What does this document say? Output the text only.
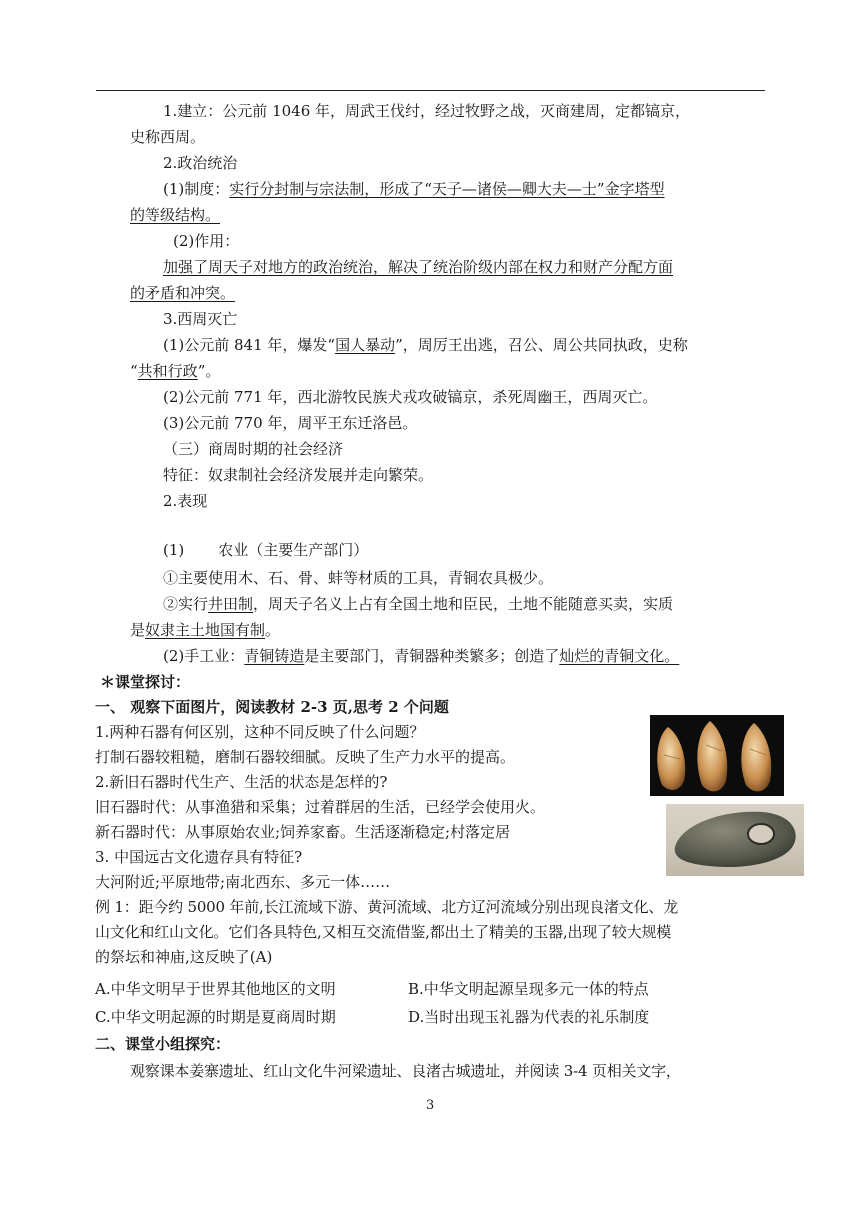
1.建立：公元前 1046 年，周武王伐纣，经过牧野之战，灭商建周，定都镐京，
史称西周。
2.政治统治
(1)制度：实行分封制与宗法制，形成了“天子—诸侯—卿大夫—士”金字塔型
的等级结构。
(2)作用：
加强了周天子对地方的政治统治，解决了统治阶级内部在权力和财产分配方面
的矛盾和冲突。
3.西周灭亡
(1)公元前 841 年，爆发“国人暴动”，周厉王出逃，召公、周公共同执政，史称
“共和行政”。
(2)公元前 771 年，西北游牧民族犬戎攻破镐京，杀死周幽王，西周灭亡。
(3)公元前 770 年，周平王东迁洛邑。
（三）商周时期的社会经济
特征：奴隶制社会经济发展并走向繁荣。
2.表现
(1) 农业（主要生产部门）
①主要使用木、石、骨、蚌等材质的工具，青铜农具极少。
②实行井田制，周天子名义上占有全国土地和臣民，土地不能随意买卖，实质
是奴隶主土地国有制。
(2)手工业：青铜铸造是主要部门，青铜器种类繁多；创造了灿烂的青铜文化。
＊课堂探讨：
一、 观察下面图片，阅读教材 2-3 页,思考 2 个问题
1.两种石器有何区别，这种不同反映了什么问题？
打制石器较粗糙，磨制石器较细腻。反映了生产力水平的提高。
2.新旧石器时代生产、生活的状态是怎样的?
旧石器时代：从事渔猎和采集；过着群居的生活，已经学会使用火。
新石器时代：从事原始农业;饲养家畜。生活逐渐稳定;村落定居
3. 中国远古文化遗存具有特征?
大河附近;平原地带;南北西东、多元一体……
例 1：距今约 5000 年前,长江流域下游、黄河流域、北方辽河流域分别出现良渚文化、龙
山文化和红山文化。它们各具特色,又相互交流借鉴,都出土了精美的玉器,出现了较大规模
的祭坛和神庙,这反映了(A)
A.中华文明早于世界其他地区的文明	B.中华文明起源呈现多元一体的特点
C.中华文明起源的时期是夏商周时期	D.当时出现玉礼器为代表的礼乐制度
二、课堂小组探究：
观察课本姜寨遗址、红山文化牛河梁遗址、良渚古城遗址，并阅读 3-4 页相关文字，
3
